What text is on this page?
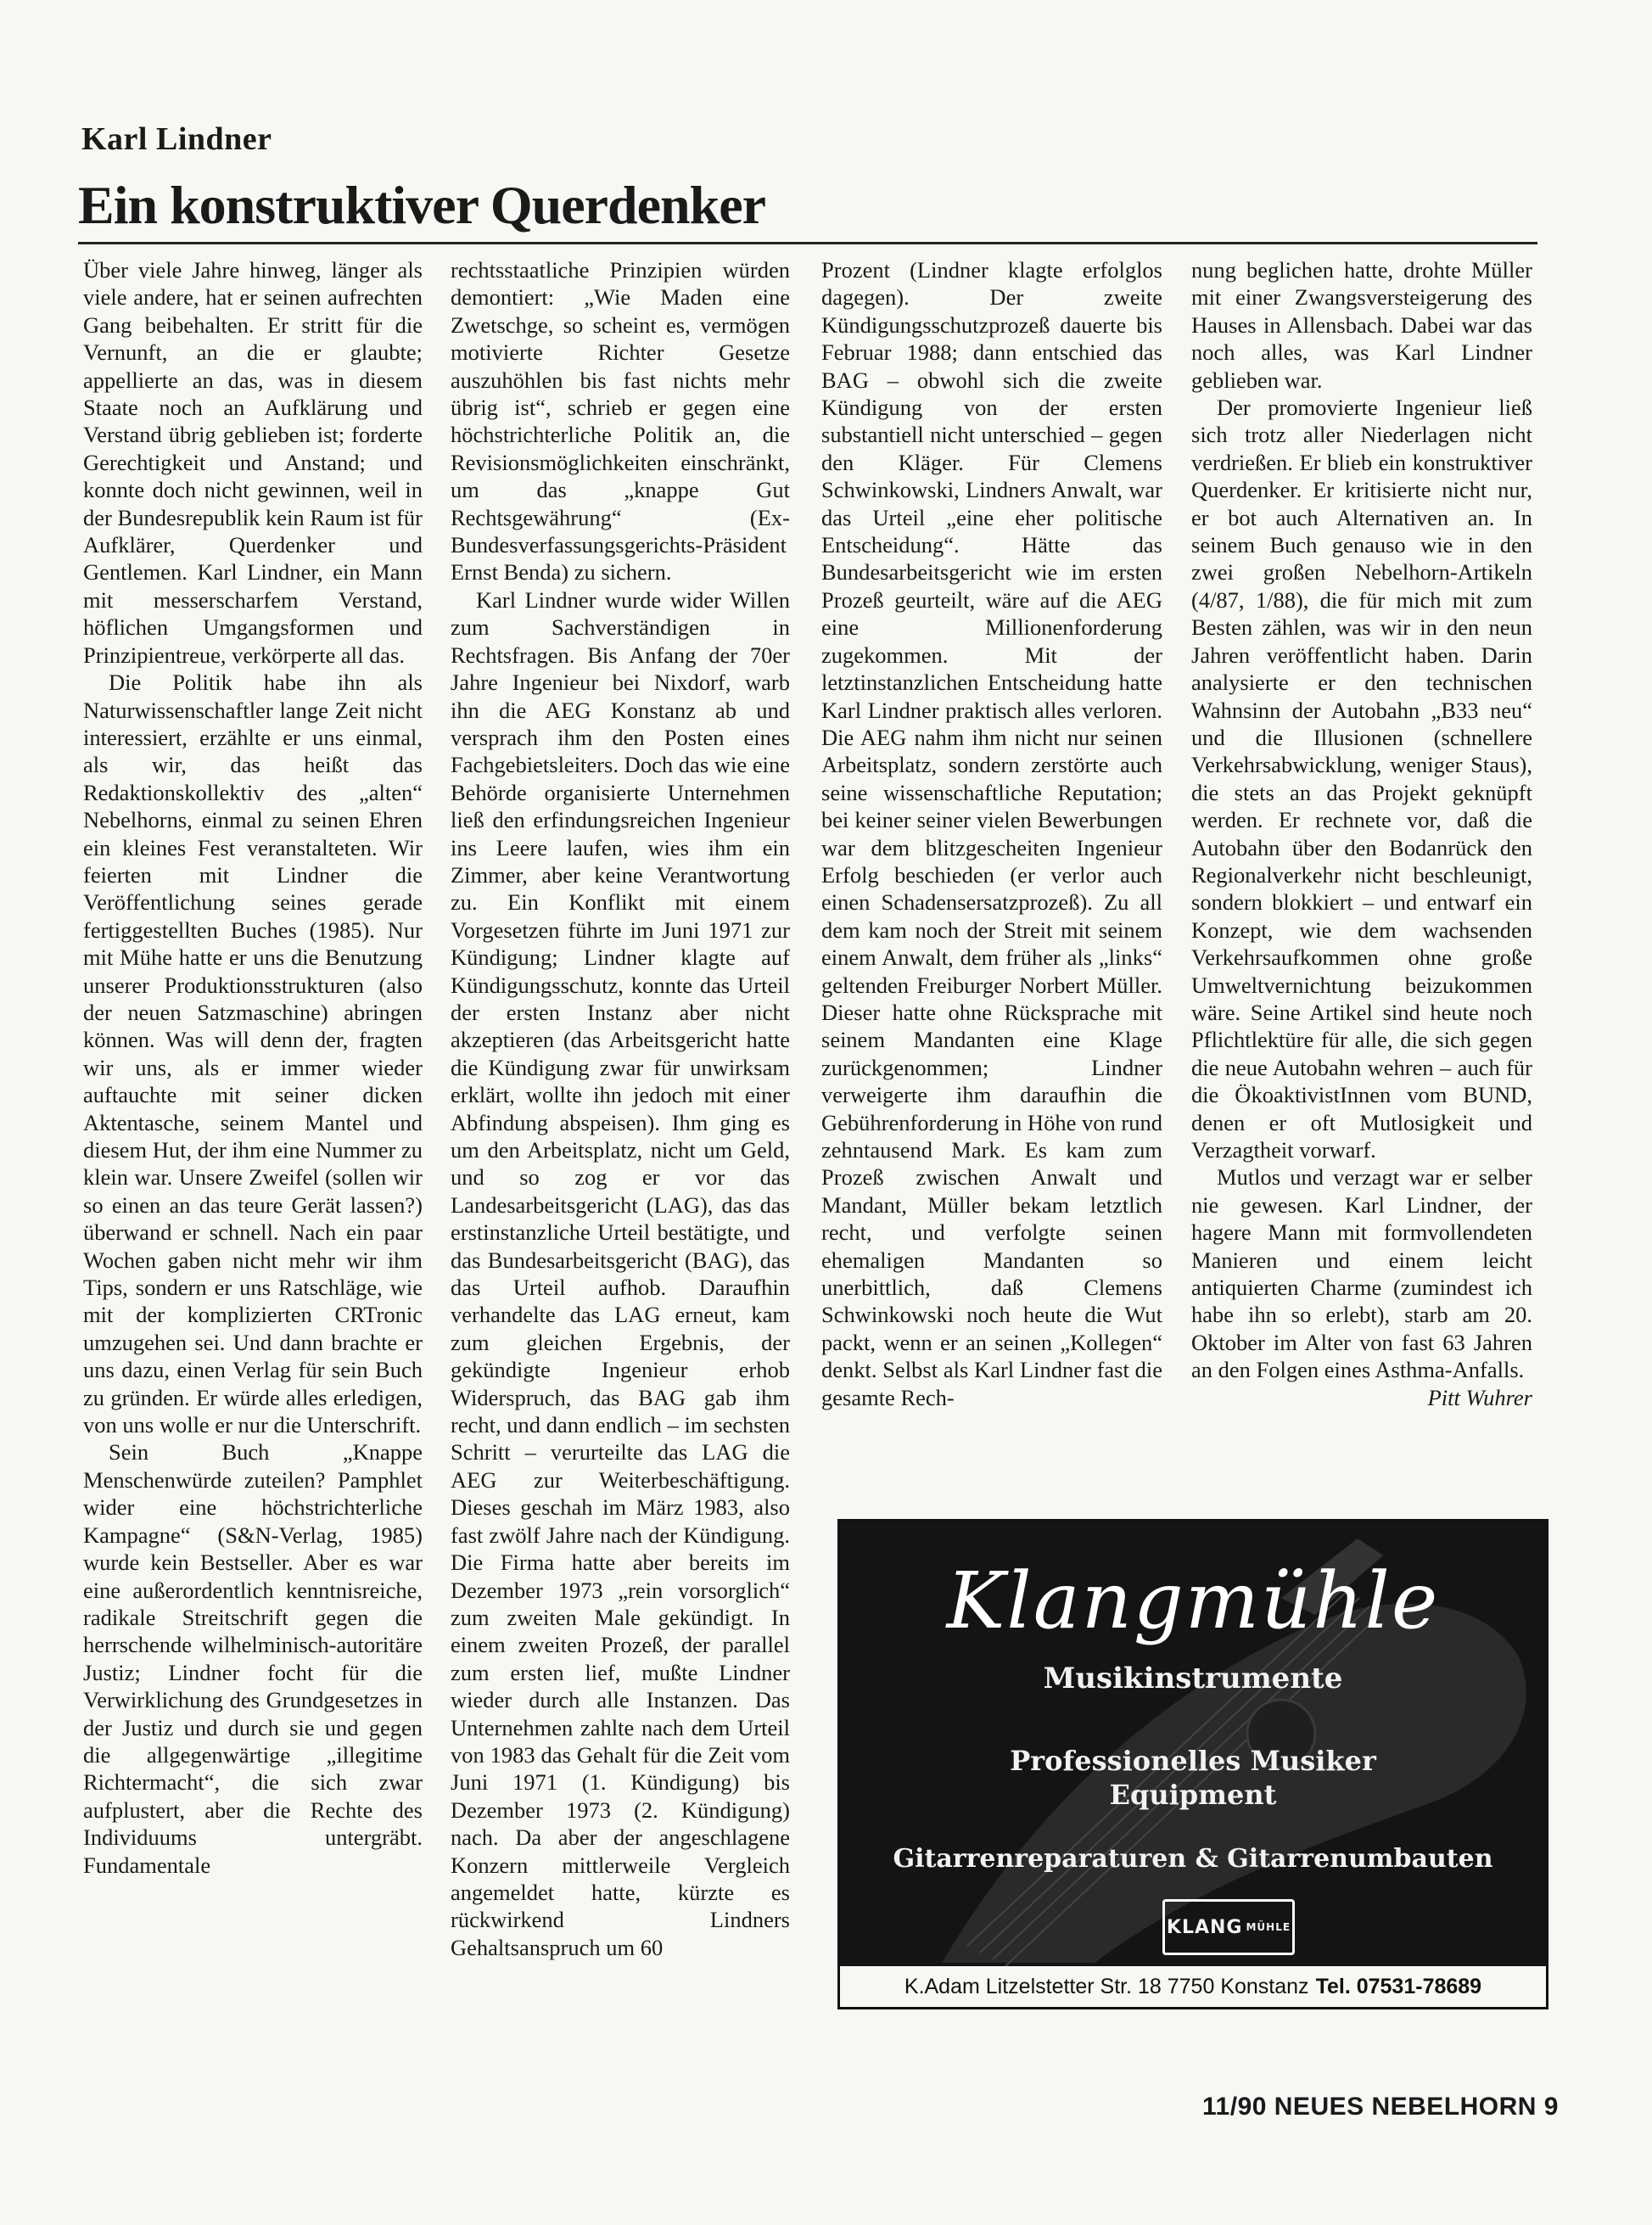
Karl Lindner
Ein konstruktiver Querdenker

Über viele Jahre hinweg, länger als viele andere, hat er seinen aufrechten Gang beibehalten. Er stritt für die Vernunft, an die er glaubte; appellierte an das, was in diesem Staate noch an Aufklärung und Verstand übrig geblieben ist; forderte Gerechtigkeit und Anstand; und konnte doch nicht gewinnen, weil in der Bundesrepublik kein Raum ist für Aufklärer, Querdenker und Gentlemen. Karl Lindner, ein Mann mit messerscharfem Verstand, höflichen Umgangsformen und Prinzipientreue, verkörperte all das.

Die Politik habe ihn als Naturwissenschaftler lange Zeit nicht interessiert, erzählte er uns einmal, als wir, das heißt das Redaktionskollektiv des „alten“ Nebelhorns, einmal zu seinen Ehren ein kleines Fest veranstalteten. Wir feierten mit Lindner die Veröffentlichung seines gerade fertiggestellten Buches (1985). Nur mit Mühe hatte er uns die Benutzung unserer Produktionsstrukturen (also der neuen Satzmaschine) abringen können. Was will denn der, fragten wir uns, als er immer wieder auftauchte mit seiner dicken Aktentasche, seinem Mantel und diesem Hut, der ihm eine Nummer zu klein war. Unsere Zweifel (sollen wir so einen an das teure Gerät lassen?) überwand er schnell. Nach ein paar Wochen gaben nicht mehr wir ihm Tips, sondern er uns Ratschläge, wie mit der komplizierten CRTronic umzugehen sei. Und dann brachte er uns dazu, einen Verlag für sein Buch zu gründen. Er würde alles erledigen, von uns wolle er nur die Unterschrift.

Sein Buch „Knappe Menschenwürde zuteilen? Pamphlet wider eine höchstrichterliche Kampagne“ (S&N-Verlag, 1985) wurde kein Bestseller. Aber es war eine außerordentlich kenntnisreiche, radikale Streitschrift gegen die herrschende wilhelminisch-autoritäre Justiz; Lindner focht für die Verwirklichung des Grundgesetzes in der Justiz und durch sie und gegen die allgegenwärtige „illegitime Richtermacht“, die sich zwar aufplustert, aber die Rechte des Individuums untergräbt. Fundamentale

rechtsstaatliche Prinzipien würden demontiert: „Wie Maden eine Zwetschge, so scheint es, vermögen motivierte Richter Gesetze auszuhöhlen bis fast nichts mehr übrig ist“, schrieb er gegen eine höchstrichterliche Politik an, die Revisionsmöglichkeiten einschränkt, um das „knappe Gut Rechtsgewährung“ (Ex-Bundesverfassungsgerichts-Präsident Ernst Benda) zu sichern.

Karl Lindner wurde wider Willen zum Sachverständigen in Rechtsfragen. Bis Anfang der 70er Jahre Ingenieur bei Nixdorf, warb ihn die AEG Konstanz ab und versprach ihm den Posten eines Fachgebietsleiters. Doch das wie eine Behörde organisierte Unternehmen ließ den erfindungsreichen Ingenieur ins Leere laufen, wies ihm ein Zimmer, aber keine Verantwortung zu. Ein Konflikt mit einem Vorgesetzen führte im Juni 1971 zur Kündigung; Lindner klagte auf Kündigungsschutz, konnte das Urteil der ersten Instanz aber nicht akzeptieren (das Arbeitsgericht hatte die Kündigung zwar für unwirksam erklärt, wollte ihn jedoch mit einer Abfindung abspeisen). Ihm ging es um den Arbeitsplatz, nicht um Geld, und so zog er vor das Landesarbeitsgericht (LAG), das das erstinstanzliche Urteil bestätigte, und das Bundesarbeitsgericht (BAG), das das Urteil aufhob. Daraufhin verhandelte das LAG erneut, kam zum gleichen Ergebnis, der gekündigte Ingenieur erhob Widerspruch, das BAG gab ihm recht, und dann endlich – im sechsten Schritt – verurteilte das LAG die AEG zur Weiterbeschäftigung. Dieses geschah im März 1983, also fast zwölf Jahre nach der Kündigung. Die Firma hatte aber bereits im Dezember 1973 „rein vorsorglich“ zum zweiten Male gekündigt. In einem zweiten Prozeß, der parallel zum ersten lief, mußte Lindner wieder durch alle Instanzen. Das Unternehmen zahlte nach dem Urteil von 1983 das Gehalt für die Zeit vom Juni 1971 (1. Kündigung) bis Dezember 1973 (2. Kündigung) nach. Da aber der angeschlagene Konzern mittlerweile Vergleich angemeldet hatte, kürzte es rückwirkend Lindners Gehaltsanspruch um 60

Prozent (Lindner klagte erfolglos dagegen). Der zweite Kündigungsschutzprozeß dauerte bis Februar 1988; dann entschied das BAG – obwohl sich die zweite Kündigung von der ersten substantiell nicht unterschied – gegen den Kläger. Für Clemens Schwinkowski, Lindners Anwalt, war das Urteil „eine eher politische Entscheidung“. Hätte das Bundesarbeitsgericht wie im ersten Prozeß geurteilt, wäre auf die AEG eine Millionenforderung zugekommen. Mit der letztinstanzlichen Entscheidung hatte Karl Lindner praktisch alles verloren. Die AEG nahm ihm nicht nur seinen Arbeitsplatz, sondern zerstörte auch seine wissenschaftliche Reputation; bei keiner seiner vielen Bewerbungen war dem blitzgescheiten Ingenieur Erfolg beschieden (er verlor auch einen Schadensersatzprozeß). Zu all dem kam noch der Streit mit seinem einem Anwalt, dem früher als „links“ geltenden Freiburger Norbert Müller. Dieser hatte ohne Rücksprache mit seinem Mandanten eine Klage zurückgenommen; Lindner verweigerte ihm daraufhin die Gebührenforderung in Höhe von rund zehntausend Mark. Es kam zum Prozeß zwischen Anwalt und Mandant, Müller bekam letztlich recht, und verfolgte seinen ehemaligen Mandanten so unerbittlich, daß Clemens Schwinkowski noch heute die Wut packt, wenn er an seinen „Kollegen“ denkt. Selbst als Karl Lindner fast die gesamte Rech-

nung beglichen hatte, drohte Müller mit einer Zwangsversteigerung des Hauses in Allensbach. Dabei war das noch alles, was Karl Lindner geblieben war.

Der promovierte Ingenieur ließ sich trotz aller Niederlagen nicht verdrießen. Er blieb ein konstruktiver Querdenker. Er kritisierte nicht nur, er bot auch Alternativen an. In seinem Buch genauso wie in den zwei großen Nebelhorn-Artikeln (4/87, 1/88), die für mich mit zum Besten zählen, was wir in den neun Jahren veröffentlicht haben. Darin analysierte er den technischen Wahnsinn der Autobahn „B33 neu“ und die Illusionen (schnellere Verkehrsabwicklung, weniger Staus), die stets an das Projekt geknüpft werden. Er rechnete vor, daß die Autobahn über den Bodanrück den Regionalverkehr nicht beschleunigt, sondern blokkiert – und entwarf ein Konzept, wie dem wachsenden Verkehrsaufkommen ohne große Umweltvernichtung beizukommen wäre. Seine Artikel sind heute noch Pflichtlektüre für alle, die sich gegen die neue Autobahn wehren – auch für die ÖkoaktivistInnen vom BUND, denen er oft Mutlosigkeit und Verzagtheit vorwarf.

Mutlos und verzagt war er selber nie gewesen. Karl Lindner, der hagere Mann mit formvollendeten Manieren und einem leicht antiquierten Charme (zumindest ich habe ihn so erlebt), starb am 20. Oktober im Alter von fast 63 Jahren an den Folgen eines Asthma-Anfalls.
Pitt Wuhrer

Klangmühle
Musikinstrumente
Professionelles Musiker
Equipment
Gitarrenreparaturen & Gitarrenumbauten
KLANG MÜHLE
K.Adam Litzelstetter Str. 18 7750 Konstanz Tel. 07531-78689
11/90 NEUES NEBELHORN 9
